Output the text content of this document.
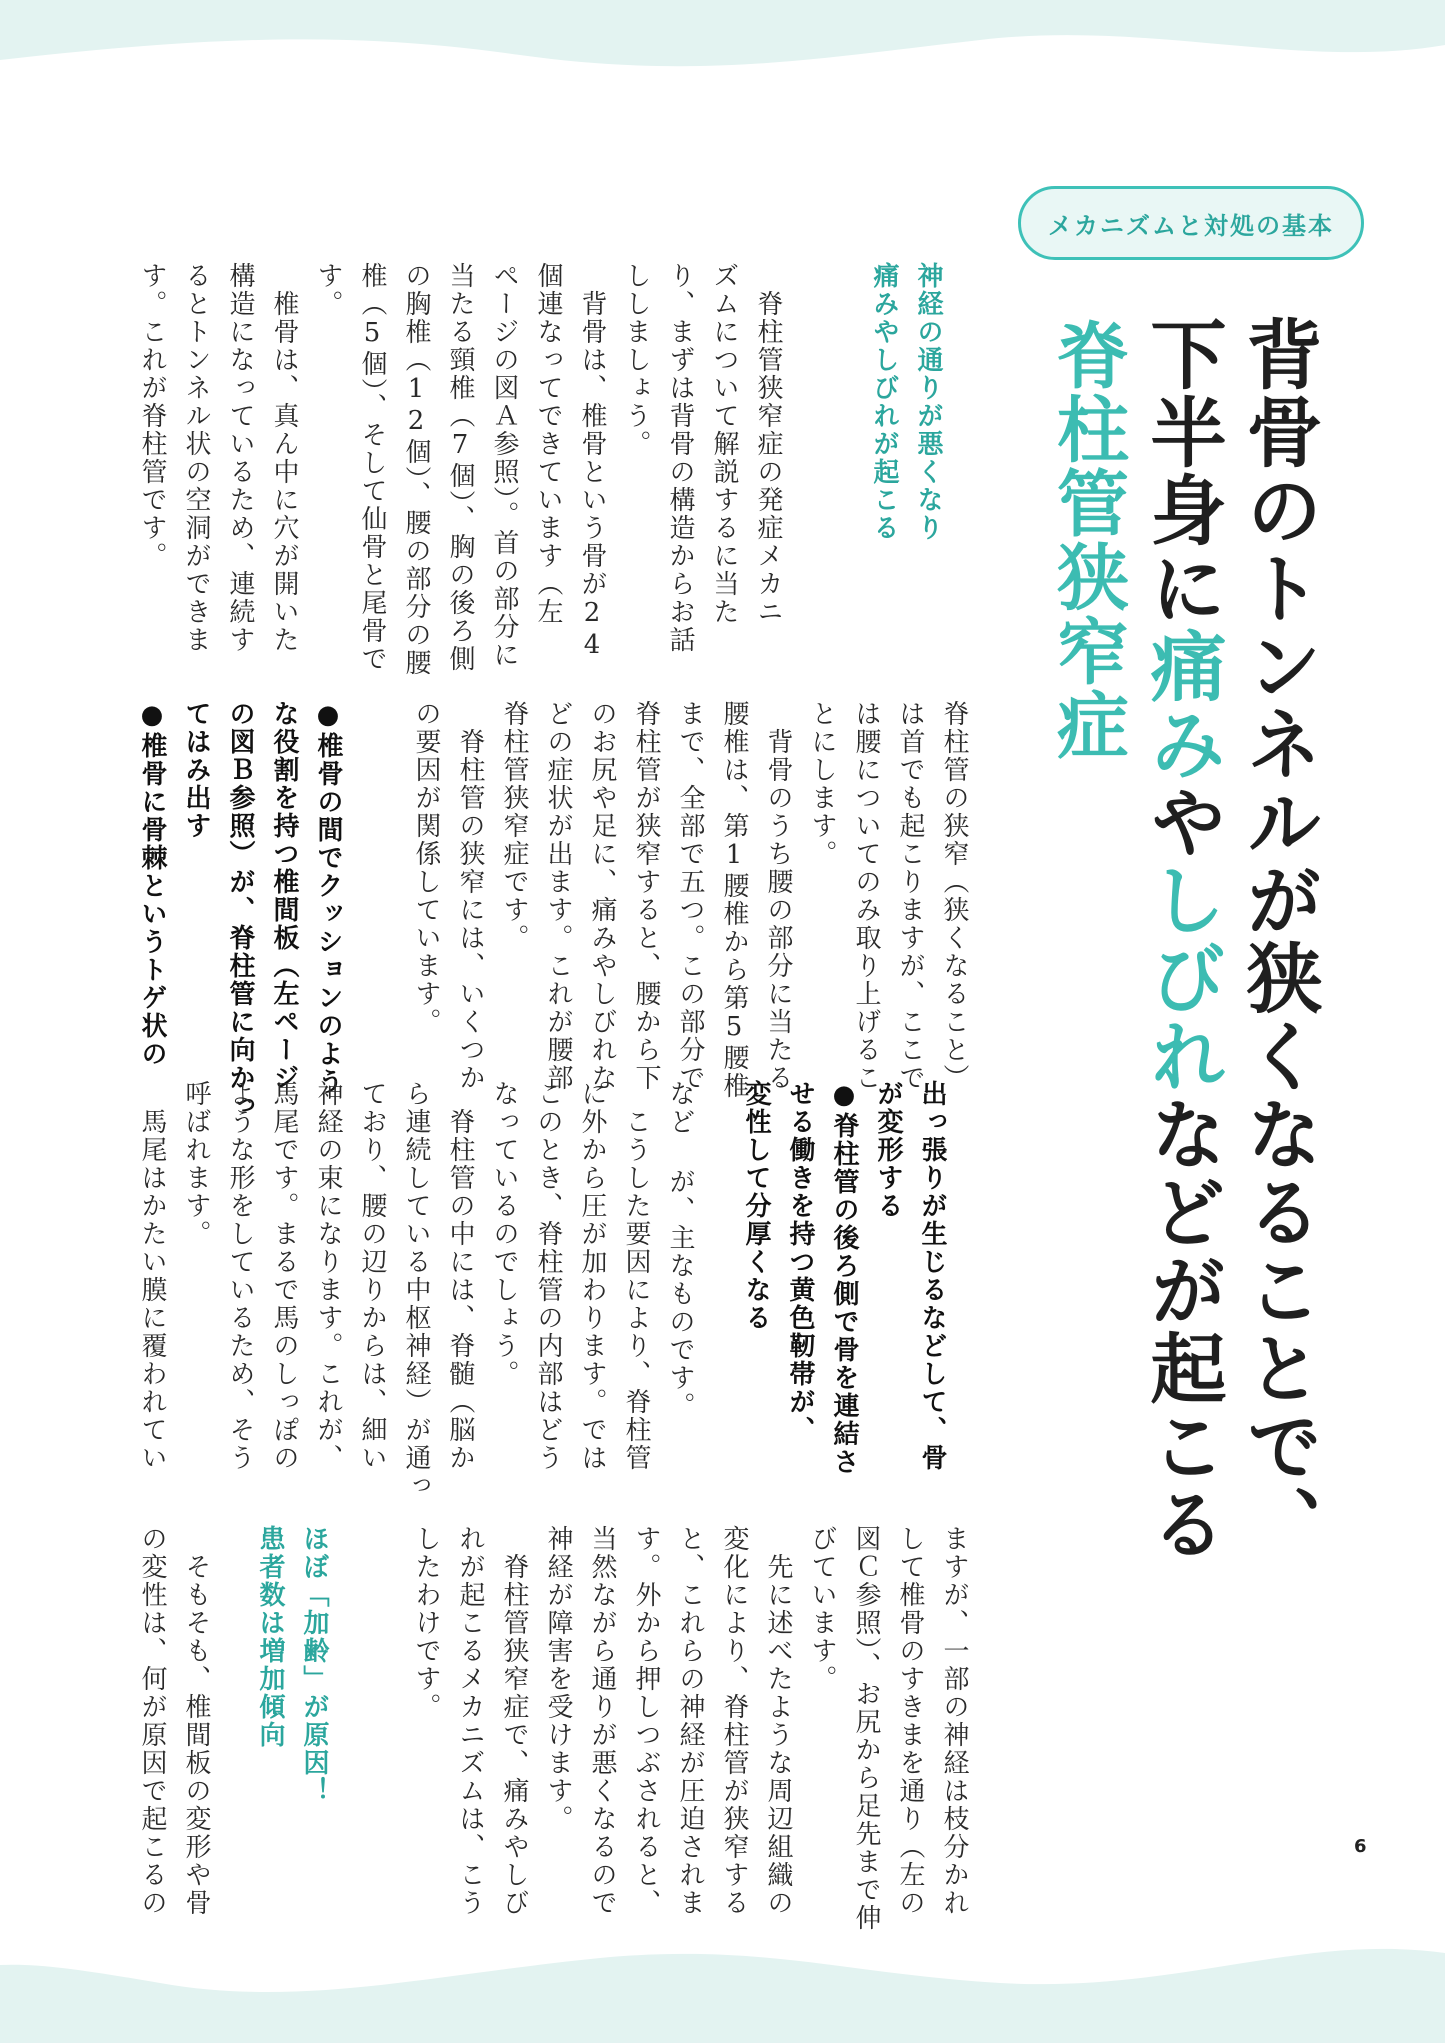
メカニズムと対処の基本
背骨のトンネルが狭くなることで、
下半身に痛みやしびれなどが起こる
脊柱管狭窄症
神経の通りが悪くなり
痛みやしびれが起こる
　脊柱管狭窄症の発症メカニ
ズムについて解説するに当た
り、まずは背骨の構造からお話
ししましょう。
　背骨は、椎骨という骨が24
個連なってできています（左
ページの図Ａ参照）。首の部分に
当たる頸椎（7個）、胸の後ろ側
の胸椎（12個）、腰の部分の腰
椎（5個）、そして仙骨と尾骨で
す。
　椎骨は、真ん中に穴が開いた
構造になっているため、連続す
るとトンネル状の空洞ができま
す。これが脊柱管です。
脊柱管の狭窄（狭くなること）
は首でも起こりますが、ここで
は腰についてのみ取り上げるこ
とにします。
　背骨のうち腰の部分に当たる
腰椎は、第1腰椎から第5腰椎
まで、全部で五つ。この部分で
脊柱管が狭窄すると、腰から下
のお尻や足に、痛みやしびれな
どの症状が出ます。これが腰部
脊柱管狭窄症です。
　脊柱管の狭窄には、いくつか
の要因が関係しています。
●椎骨の間でクッションのよう
な役割を持つ椎間板（左ページ
の図Ｂ参照）が、脊柱管に向かっ
てはみ出す
●椎骨に骨棘というトゲ状の
出っ張りが生じるなどして、骨
が変形する
●脊柱管の後ろ側で骨を連結さ
せる働きを持つ黄色靭帯が、
変性して分厚くなる
など が、主なものです。
　こうした要因により、脊柱管
に外から圧が加わります。では
このとき、脊柱管の内部はどう
なっているのでしょう。
　脊柱管の中には、脊髄（脳か
ら連続している中枢神経）が通っ
ており、腰の辺りからは、細い
神経の束になります。これが、
馬尾です。まるで馬のしっぽの
ような形をしているため、そう
呼ばれます。
　馬尾はかたい膜に覆われてい
ますが、一部の神経は枝分かれ
して椎骨のすきまを通り（左の
図Ｃ参照）、お尻から足先まで伸
びています。
　先に述べたような周辺組織の
変化により、脊柱管が狭窄する
と、これらの神経が圧迫されま
す。外から押しつぶされると、
当然ながら通りが悪くなるので
神経が障害を受けます。
　脊柱管狭窄症で、痛みやしび
れが起こるメカニズムは、こう
したわけです。
ほぼ「加齢」が原因！
患者数は増加傾向
　そもそも、椎間板の変形や骨
の変性は、何が原因で起こるの	6
